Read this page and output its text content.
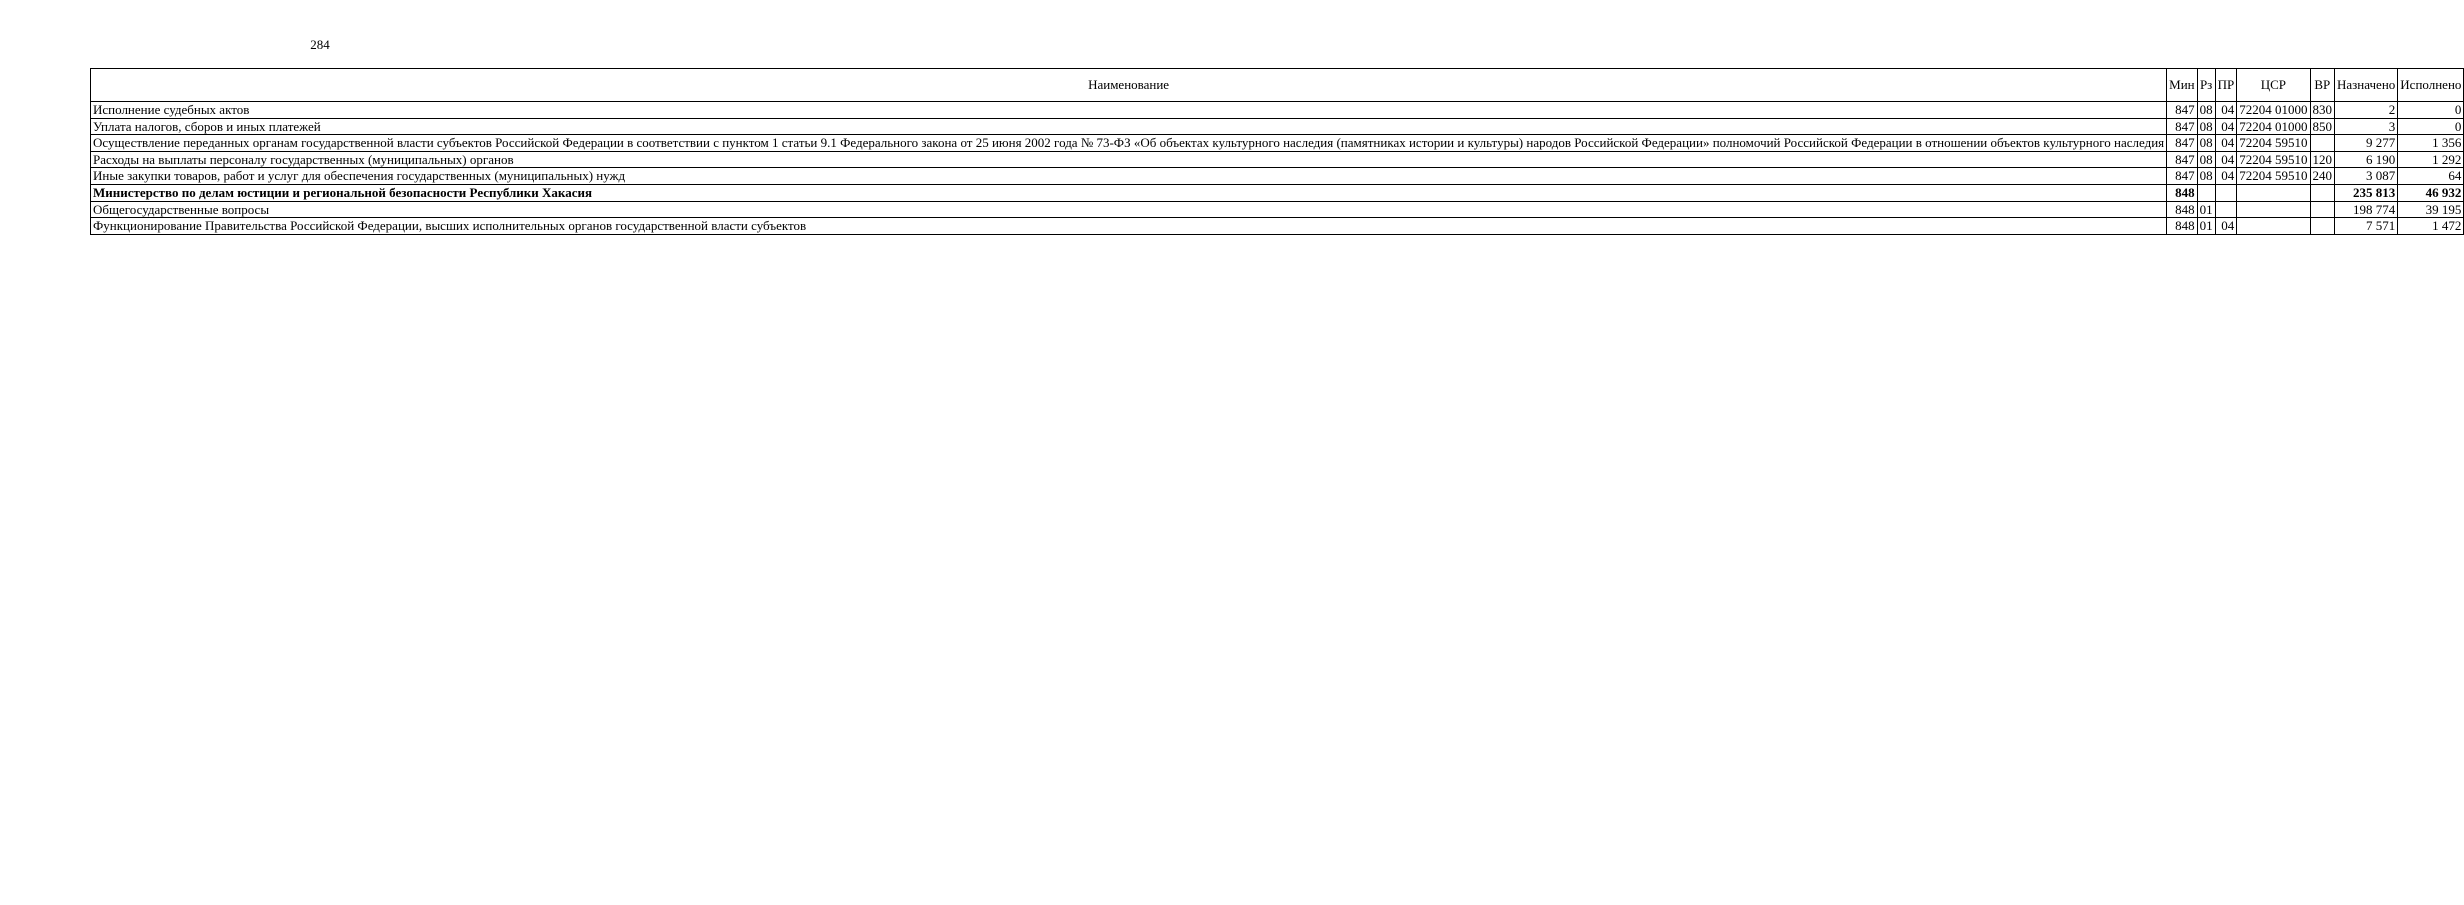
284
Наименование	Мин	Рз	ПР	ЦСР	ВР	Назначено	Исполнено
Исполнение судебных актов	847	08	04	72204 01000	830	2	0
Уплата налогов, сборов и иных платежей	847	08	04	72204 01000	850	3	0
Осуществление переданных органам государственной власти субъектов Российской Федерации в соответствии с пунктом 1 статьи 9.1 Федерального закона от 25 июня 2002 года № 73-ФЗ «Об объектах культурного наследия (памятниках истории и культуры) народов Российской Федерации» полномочий Российской Федерации в отношении объектов культурного наследия	847	08	04	72204 59510		9 277	1 356
Расходы на выплаты персоналу государственных (муниципальных) органов	847	08	04	72204 59510	120	6 190	1 292
Иные закупки товаров, работ и услуг для обеспечения государственных (муниципальных) нужд	847	08	04	72204 59510	240	3 087	64
Министерство по делам юстиции и региональной безопасности Республики Хакасия	848					235 813	46 932
Общегосударственные вопросы	848	01				198 774	39 195
Функционирование Правительства Российской Федерации, высших исполнительных органов государственной власти субъектов	848	01	04			7 571	1 472
